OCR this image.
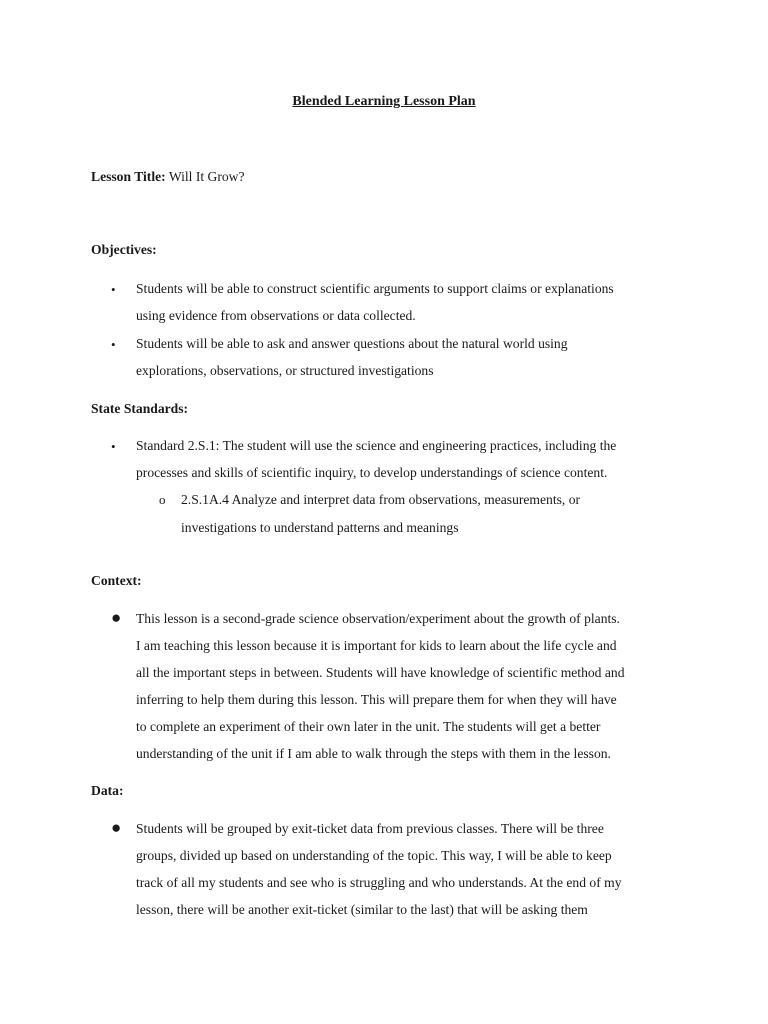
Blended Learning Lesson Plan
Lesson Title: Will It Grow?
Objectives:
• Students will be able to construct scientific arguments to support claims or explanations
using evidence from observations or data collected.
• Students will be able to ask and answer questions about the natural world using
explorations, observations, or structured investigations
State Standards:
• Standard 2.S.1: The student will use the science and engineering practices, including the
processes and skills of scientific inquiry, to develop understandings of science content.
o 2.S.1A.4 Analyze and interpret data from observations, measurements, or
investigations to understand patterns and meanings
Context:
● This lesson is a second-grade science observation/experiment about the growth of plants.
I am teaching this lesson because it is important for kids to learn about the life cycle and
all the important steps in between. Students will have knowledge of scientific method and
inferring to help them during this lesson. This will prepare them for when they will have
to complete an experiment of their own later in the unit. The students will get a better
understanding of the unit if I am able to walk through the steps with them in the lesson.
Data:
● Students will be grouped by exit-ticket data from previous classes. There will be three
groups, divided up based on understanding of the topic. This way, I will be able to keep
track of all my students and see who is struggling and who understands. At the end of my
lesson, there will be another exit-ticket (similar to the last) that will be asking them
